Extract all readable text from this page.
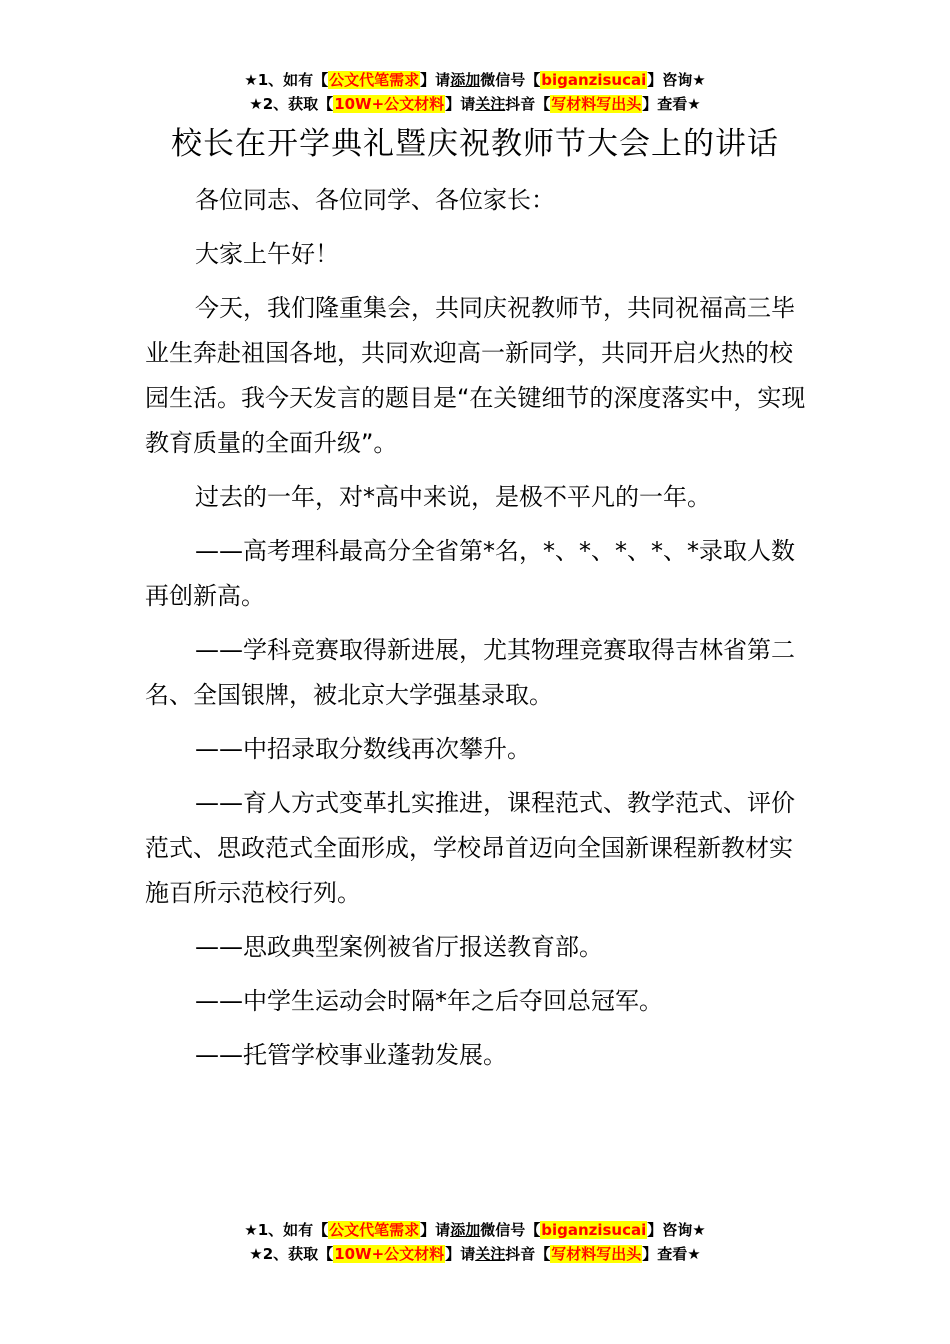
★1、如有【公文代笔需求】请添加微信号【biganzisucai】咨询★
★2、获取【10W+公文材料】请关注抖音【写材料写出头】查看★
校长在开学典礼暨庆祝教师节大会上的讲话

各位同志、各位同学、各位家长：

大家上午好！

今天，我们隆重集会，共同庆祝教师节，共同祝福高三毕业生奔赴祖国各地，共同欢迎高一新同学，共同开启火热的校园生活。我今天发言的题目是“在关键细节的深度落实中，实现教育质量的全面升级”。

过去的一年，对*高中来说，是极不平凡的一年。

——高考理科最高分全省第*名，*、*、*、*、*录取人数再创新高。

——学科竞赛取得新进展，尤其物理竞赛取得吉林省第二名、全国银牌，被北京大学强基录取。

——中招录取分数线再次攀升。

——育人方式变革扎实推进，课程范式、教学范式、评价范式、思政范式全面形成，学校昂首迈向全国新课程新教材实施百所示范校行列。

——思政典型案例被省厅报送教育部。

——中学生运动会时隔*年之后夺回总冠军。

——托管学校事业蓬勃发展。

★1、如有【公文代笔需求】请添加微信号【biganzisucai】咨询★
★2、获取【10W+公文材料】请关注抖音【写材料写出头】查看★
